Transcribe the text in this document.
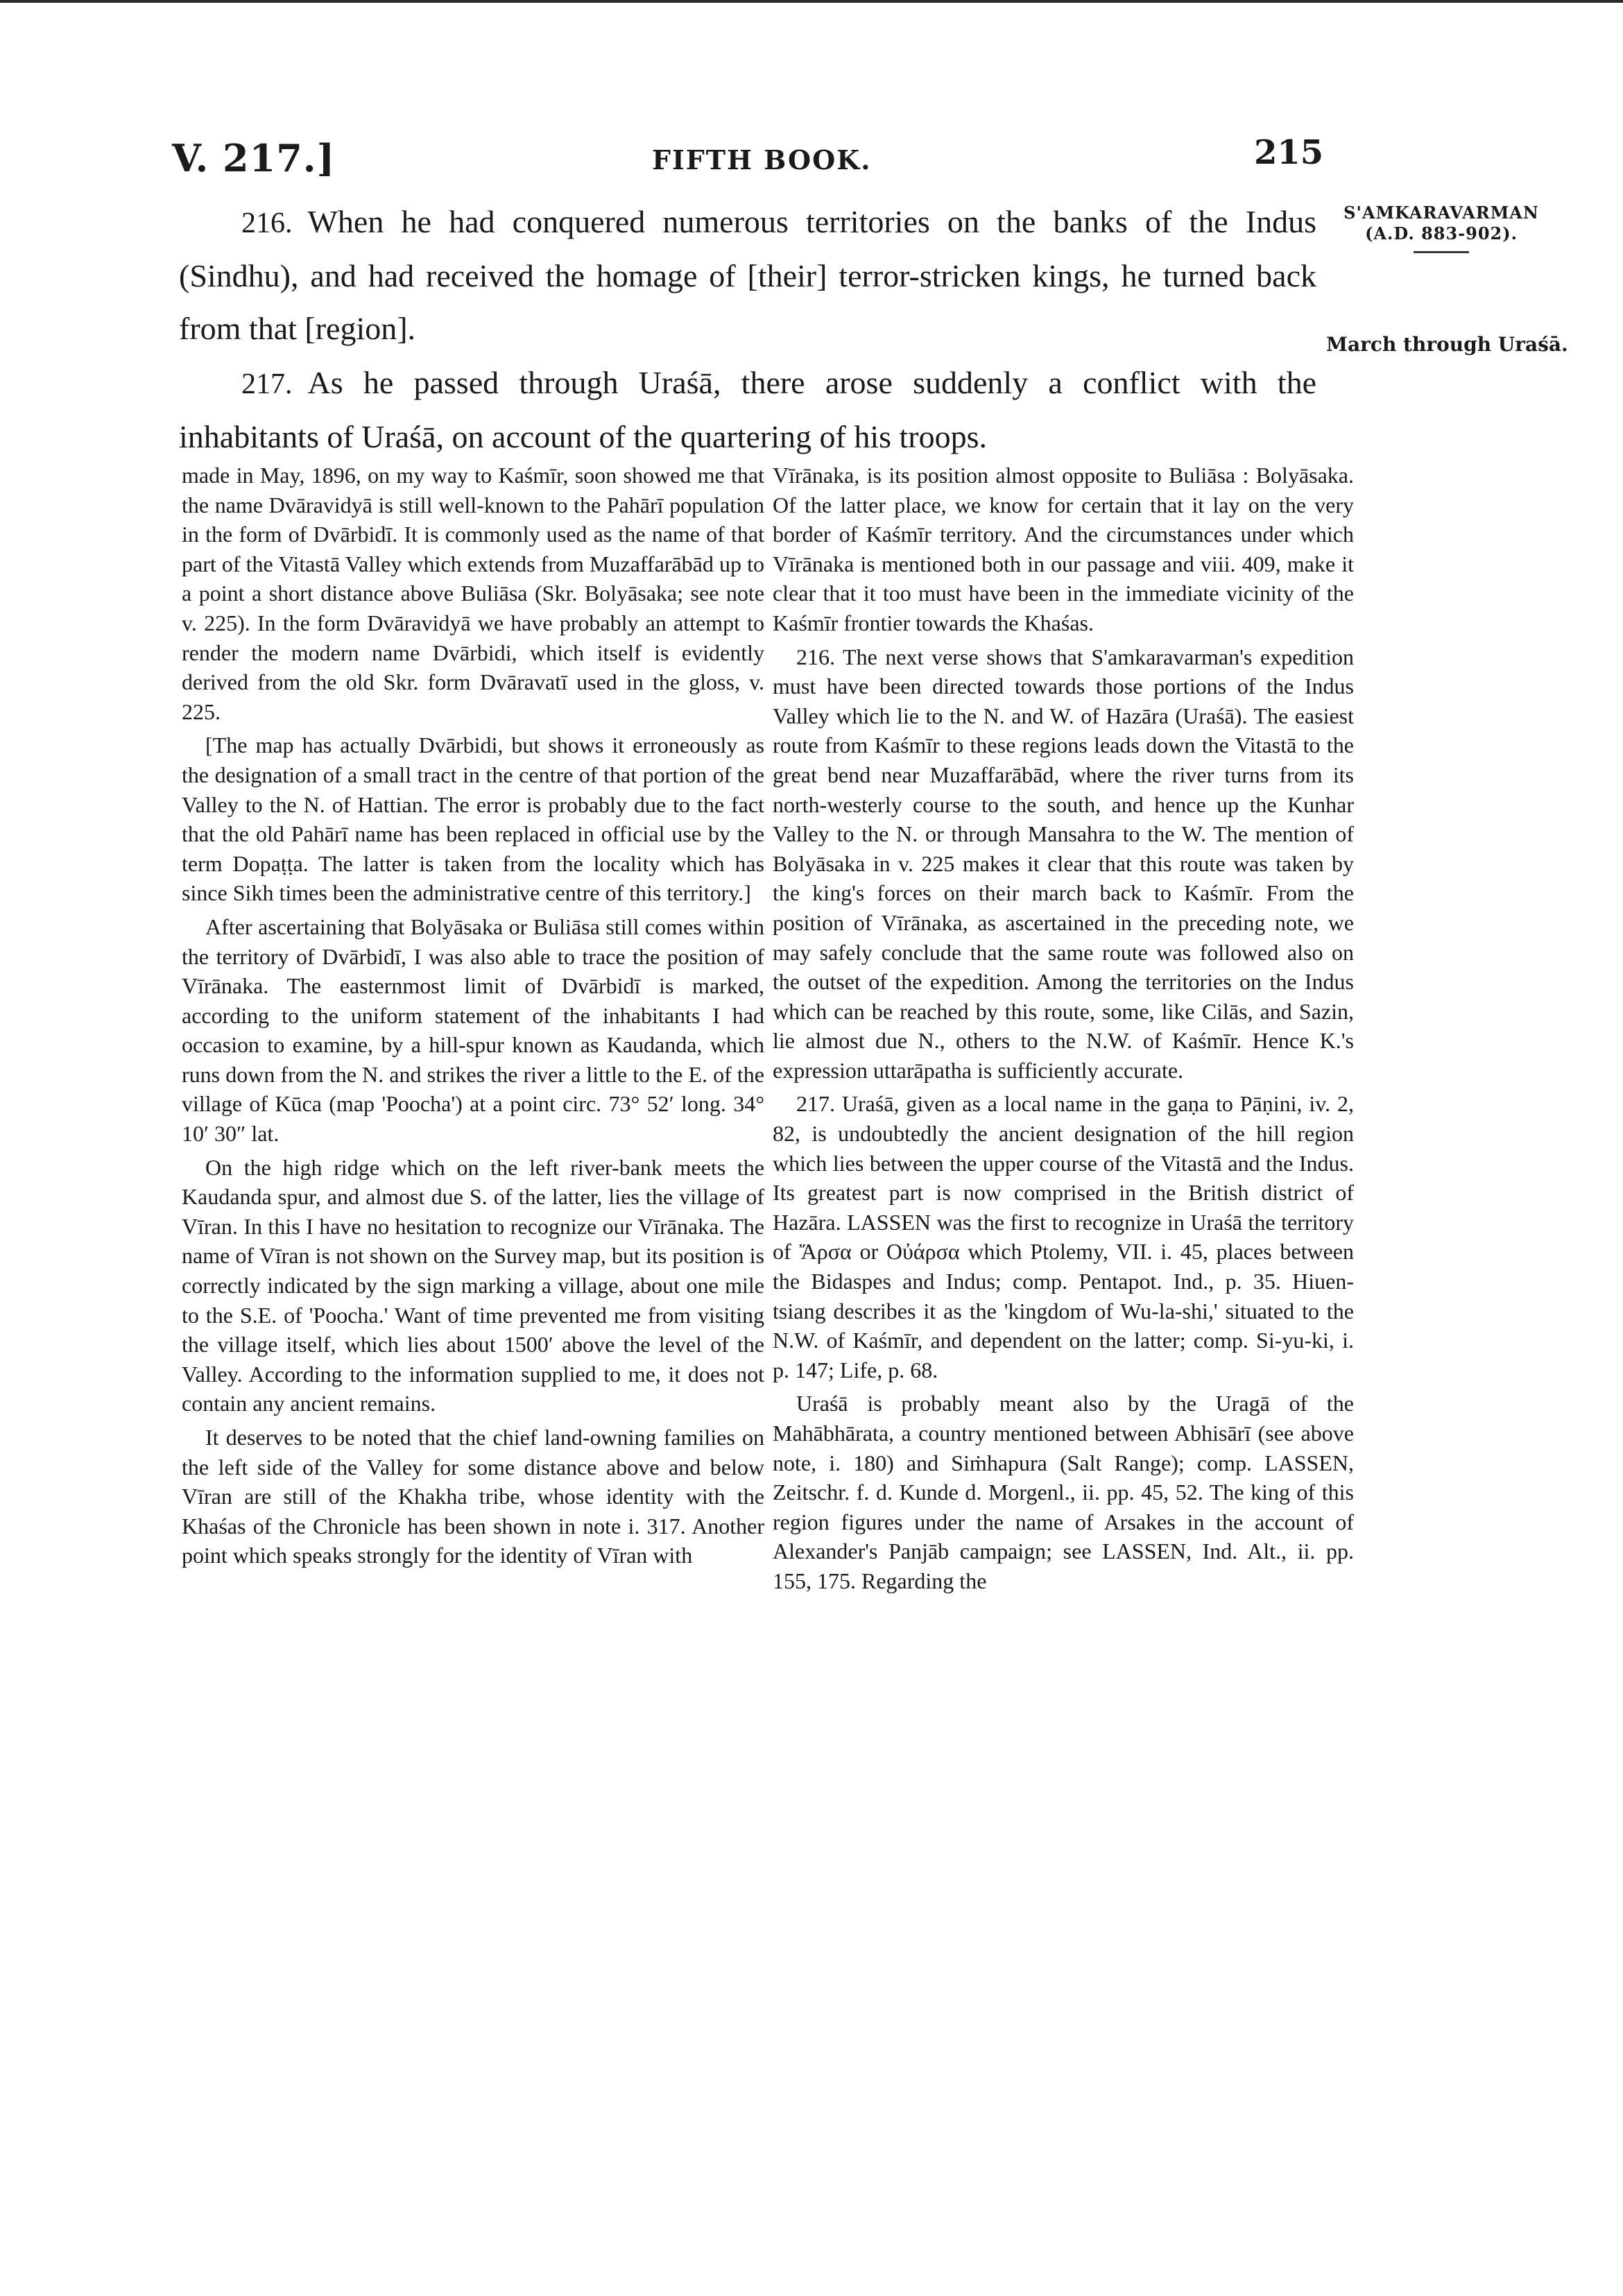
V. 217.]	FIFTH BOOK.	215

216. When he had conquered numerous territories on the banks of the Indus (Sindhu), and had received the homage of [their] terror-stricken kings, he turned back from that [region].

217. As he passed through Uraśā, there arose suddenly a conflict with the inhabitants of Uraśā, on account of the quartering of his troops.

S'AMKARAVARMAN
(A.D. 883-902).
March through Uraśā.

made in May, 1896, on my way to Kaśmīr, soon showed me that the name Dvāravidyā is still well-known to the Pahārī population in the form of Dvārbidī. It is commonly used as the name of that part of the Vitastā Valley which extends from Muzaffarābād up to a point a short distance above Buliāsa (Skr. Bolyāsaka; see note v. 225). In the form Dvāravidyā we have probably an attempt to render the modern name Dvārbidi, which itself is evidently derived from the old Skr. form Dvāravatī used in the gloss, v. 225.

[The map has actually Dvārbidi, but shows it erroneously as the designation of a small tract in the centre of that portion of the Valley to the N. of Hattian. The error is probably due to the fact that the old Pahārī name has been replaced in official use by the term Dopaṭṭa. The latter is taken from the locality which has since Sikh times been the administrative centre of this territory.]

After ascertaining that Bolyāsaka or Buliāsa still comes within the territory of Dvārbidī, I was also able to trace the position of Vīrānaka. The easternmost limit of Dvārbidī is marked, according to the uniform statement of the inhabitants I had occasion to examine, by a hill-spur known as Kaudanda, which runs down from the N. and strikes the river a little to the E. of the village of Kūca (map 'Poocha') at a point circ. 73° 52′ long. 34° 10′ 30″ lat.

On the high ridge which on the left river-bank meets the Kaudanda spur, and almost due S. of the latter, lies the village of Vīran. In this I have no hesitation to recognize our Vīrānaka. The name of Vīran is not shown on the Survey map, but its position is correctly indicated by the sign marking a village, about one mile to the S.E. of 'Poocha.' Want of time prevented me from visiting the village itself, which lies about 1500′ above the level of the Valley. According to the information supplied to me, it does not contain any ancient remains.

It deserves to be noted that the chief land-owning families on the left side of the Valley for some distance above and below Vīran are still of the Khakha tribe, whose identity with the Khaśas of the Chronicle has been shown in note i. 317. Another point which speaks strongly for the identity of Vīran with

Vīrānaka, is its position almost opposite to Buliāsa : Bolyāsaka. Of the latter place, we know for certain that it lay on the very border of Kaśmīr territory. And the circumstances under which Vīrānaka is mentioned both in our passage and viii. 409, make it clear that it too must have been in the immediate vicinity of the Kaśmīr frontier towards the Khaśas.

216. The next verse shows that S'amkaravarman's expedition must have been directed towards those portions of the Indus Valley which lie to the N. and W. of Hazāra (Uraśā). The easiest route from Kaśmīr to these regions leads down the Vitastā to the great bend near Muzaffarābād, where the river turns from its north-westerly course to the south, and hence up the Kunhar Valley to the N. or through Mansahra to the W. The mention of Bolyāsaka in v. 225 makes it clear that this route was taken by the king's forces on their march back to Kaśmīr. From the position of Vīrānaka, as ascertained in the preceding note, we may safely conclude that the same route was followed also on the outset of the expedition. Among the territories on the Indus which can be reached by this route, some, like Cilās, and Sazin, lie almost due N., others to the N.W. of Kaśmīr. Hence K.'s expression uttarāpatha is sufficiently accurate.

217. Uraśā, given as a local name in the gaṇa to Pāṇini, iv. 2, 82, is undoubtedly the ancient designation of the hill region which lies between the upper course of the Vitastā and the Indus. Its greatest part is now comprised in the British district of Hazāra. LASSEN was the first to recognize in Uraśā the territory of Ἄρσα or Οὐάρσα which Ptolemy, VII. i. 45, places between the Bidaspes and Indus; comp. Pentapot. Ind., p. 35. Hiuen-tsiang describes it as the 'kingdom of Wu-la-shi,' situated to the N.W. of Kaśmīr, and dependent on the latter; comp. Si-yu-ki, i. p. 147; Life, p. 68.

Uraśā is probably meant also by the Uragā of the Mahābhārata, a country mentioned between Abhisārī (see above note, i. 180) and Siṁhapura (Salt Range); comp. LASSEN, Zeitschr. f. d. Kunde d. Morgenl., ii. pp. 45, 52. The king of this region figures under the name of Arsakes in the account of Alexander's Panjāb campaign; see LASSEN, Ind. Alt., ii. pp. 155, 175. Regarding the
